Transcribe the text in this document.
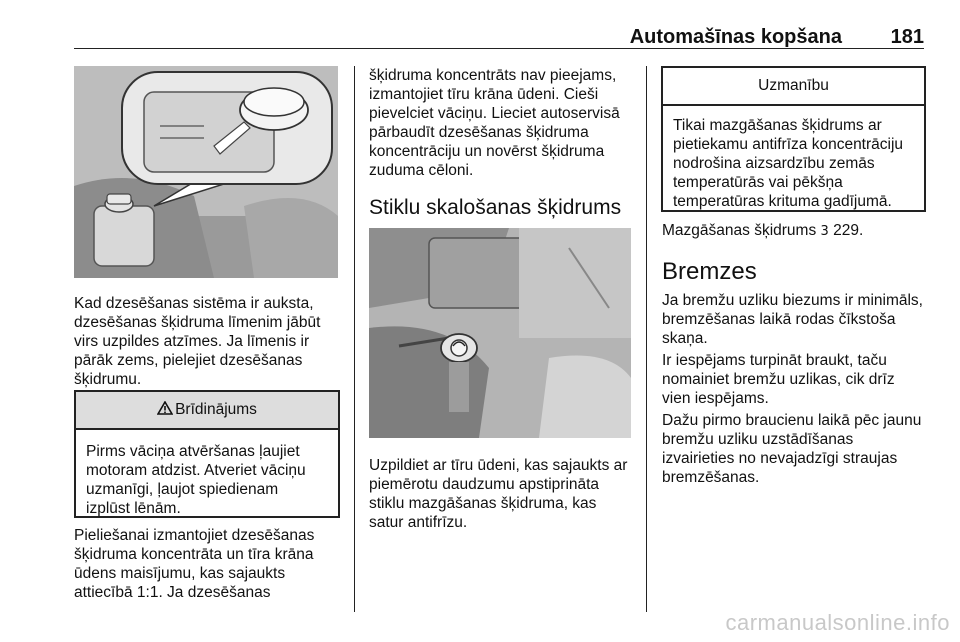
Automašīnas kopšana 181

Kad dzesēšanas sistēma ir auksta,

dzesēšanas šķidruma līmenim jābūt

virs uzpildes atzīmes. Ja līmenis ir

pārāk zems, pielejiet dzesēšanas

šķidrumu.

Brīdinājums

Pirms vāciņa atvēršanas ļaujiet

motoram atdzist. Atveriet vāciņu

uzmanīgi, ļaujot spiedienam

izplūst lēnām.

Pieliešanai izmantojiet dzesēšanas

šķidruma koncentrāta un tīra krāna

ūdens maisījumu, kas sajaukts

attiecībā 1:1. Ja dzesēšanas

šķidruma koncentrāts nav pieejams,

izmantojiet tīru krāna ūdeni. Cieši

pievelciet vāciņu. Lieciet autoservisā

pārbaudīt dzesēšanas šķidruma

koncentrāciju un novērst šķidruma

zuduma cēloni.

Stiklu skalošanas šķidrums

Uzpildiet ar tīru ūdeni, kas sajaukts ar

piemērotu daudzumu apstiprināta

stiklu mazgāšanas šķidruma, kas

satur antifrīzu.

Uzmanību

Tikai mazgāšanas šķidrums ar

pietiekamu antifrīza koncentrāciju

nodrošina aizsardzību zemās

temperatūrās vai pēkšņa

temperatūras krituma gadījumā.

Mazgāšanas šķidrums 3 229.

Bremzes

Ja bremžu uzliku biezums ir minimāls,

bremzēšanas laikā rodas čīkstoša

skaņa.

Ir iespējams turpināt braukt, taču

nomainiet bremžu uzlikas, cik drīz

vien iespējams.

Dažu pirmo braucienu laikā pēc jaunu

bremžu uzliku uzstādīšanas

izvairieties no nevajadzīgi straujas

bremzēšanas.

carmanualsonline.info
